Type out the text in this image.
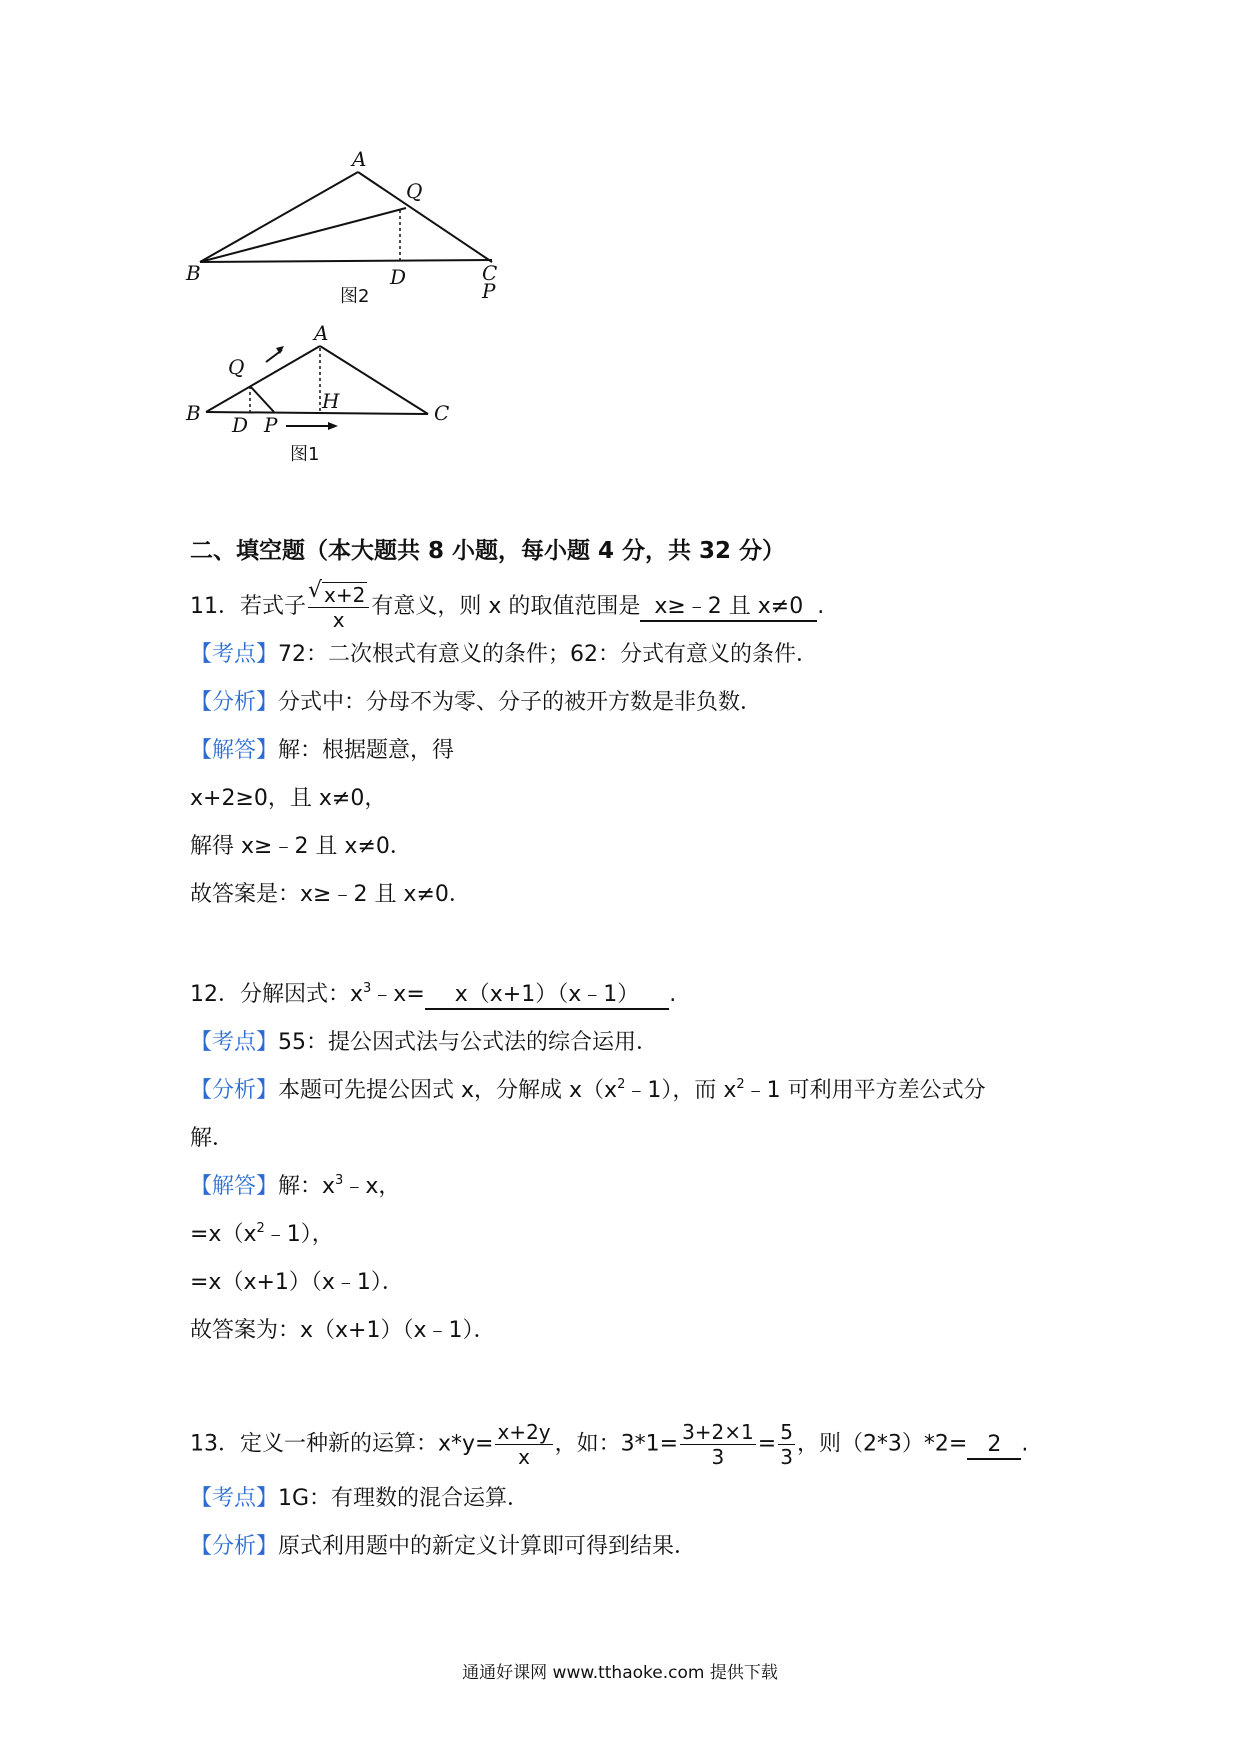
A
Q
B	D	C
P
图2
A
Q
B D P
H	C
图1
二、填空题（本大题共 8 小题，每小题 4 分，共 32 分）
11．若式子
√ $\frac{x+2}{x}$ 有意义，则 x 的取值范围是 x≥﹣2 且 x≠0 .
【考点】72：二次根式有意义的条件；62：分式有意义的条件．
【分析】分式中：分母不为零、分子的被开方数是非负数．
【解答】解：根据题意，得
x+2≥0，且 x≠0，
解得 x≥﹣2 且 x≠0．
故答案是：x≥﹣2 且 x≠0．
12．分解因式：$x^3﹣x=$ x（x+1）（x﹣1） .
【考点】55：提公因式法与公式法的综合运用．
【分析】本题可先提公因式 x，分解成 $x(x^2﹣1)$，而 $x^2﹣1$ 可利用平方差公式分
解．
【解答】解：$x^3﹣x$，
$=x(x^2﹣1)$，
=x（x+1）（x﹣1）．
故答案为：x（x+1）（x﹣1）．
13．定义一种新的运算：$x*y= \frac{x+2y}{x}$ ，如：$3*1= \frac{3+2\times 1}{3} = \frac{5}{3}$ ，则（2*3）*2= 2 .
【考点】1G：有理数的混合运算．
【分析】原式利用题中的新定义计算即可得到结果．
通通好课网 www.tthaoke.com 提供下载
